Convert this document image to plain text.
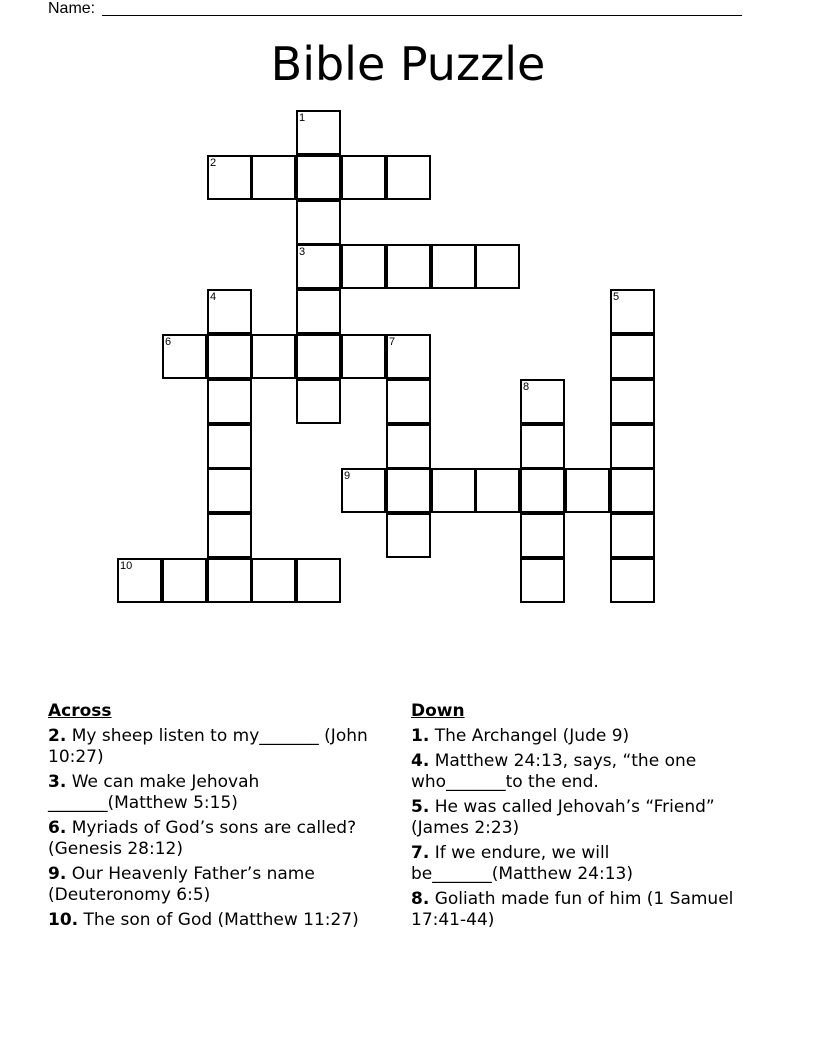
Name:
Bible Puzzle
1
2
3
4	5
6	7
8
9
10
Across
2. My sheep listen to my_______ (John 10:27)
3. We can make Jehovah _______(Matthew 5:15)
6. Myriads of God’s sons are called? (Genesis 28:12)
9. Our Heavenly Father’s name (Deuteronomy 6:5)
10. The son of God (Matthew 11:27)
Down
1. The Archangel (Jude 9)
4. Matthew 24:13, says, “the one who_______to the end.
5. He was called Jehovah’s “Friend” (James 2:23)
7. If we endure, we will be_______(Matthew 24:13)
8. Goliath made fun of him (1 Samuel 17:41-44)
